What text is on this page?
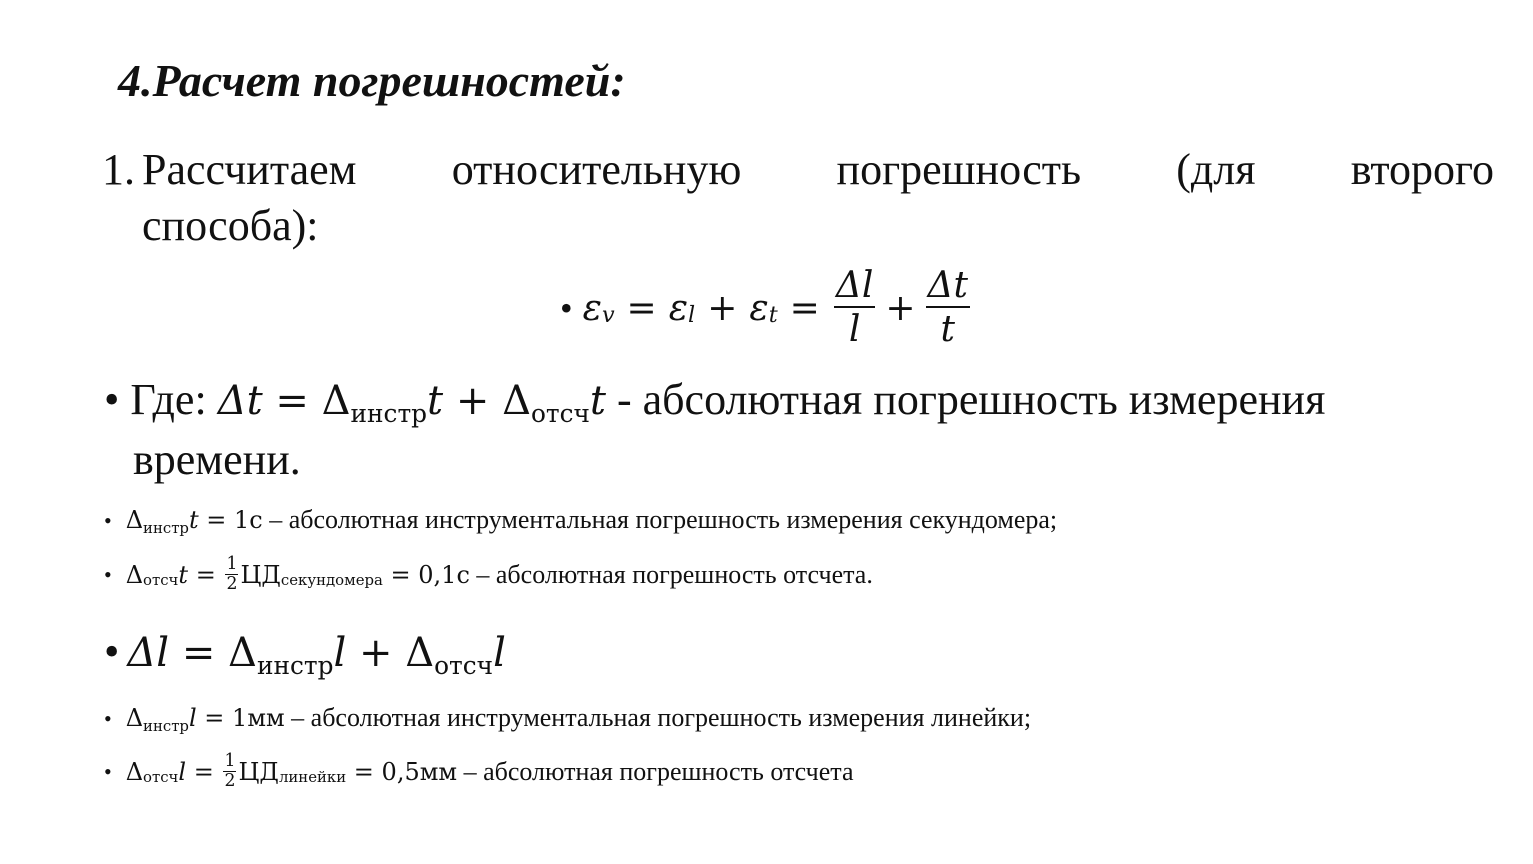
4.Расчет погрешностей:
1. Рассчитаем относительную погрешность (для второго
способа):
• ε v = ε l + ε $t = \frac{\Delta l}{l} + \frac{\Delta t}{t}$
• Где: Δt = Δинстрt + Δотсчt - абсолютная погрешность измерения
времени.
• Δинстрt = 1с – абсолютная инструментальная погрешность измерения секундомера;
• Δ отсч t
=
$\frac{1}{2}$ ЦД секундомера
=
0,1с – абсолютная погрешность отсчета.
• Δl = Δинстрl + Δотсчl
• Δинстрl = 1мм – абсолютная инструментальная погрешность измерения линейки;
• Δ отсч l
=
$\frac{1}{2}$ ЦД линейки
=
0,5мм – абсолютная погрешность отсчета
